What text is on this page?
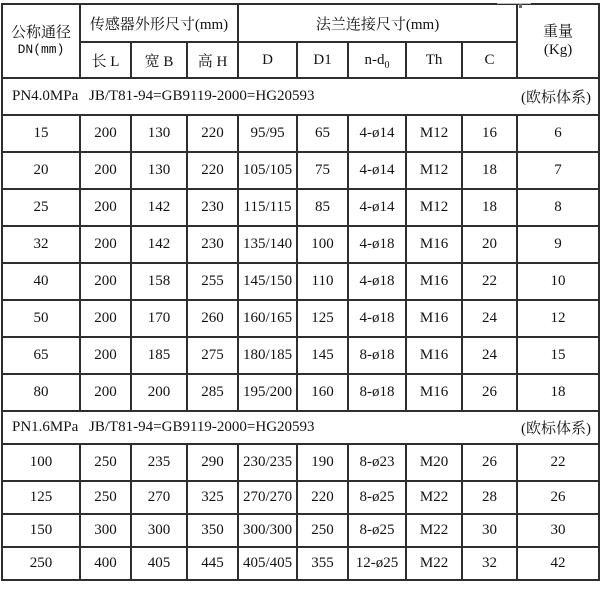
公称通径
DN(mm)	传感器外形尺寸(mm)			法兰连接尺寸(mm)					重量
(Kg)

	长 L	宽 B	高 H	D	D1	$n-d_0$	Th	C	

PN4.0MPa JB/T81-94=GB9119-2000=HG20593 (欧标体系)									

15	200	130	220	95/95	65	4-ø14	M12	16	6
20	200	130	220	105/105	75	4-ø14	M12	18	7
25	200	142	230	115/115	85	4-ø14	M12	18	8
32	200	142	230	135/140	100	4-ø18	M16	20	9
40	200	158	255	145/150	110	4-ø18	M16	22	10
50	200	170	260	160/165	125	4-ø18	M16	24	12
65	200	185	275	180/185	145	8-ø18	M16	24	15
80	200	200	285	195/200	160	8-ø18	M16	26	18

PN1.6MPa JB/T81-94=GB9119-2000=HG20593 (欧标体系)									

100	250	235	290	230/235	190	8-ø23	M20	26	22
125	250	270	325	270/270	220	8-ø25	M22	28	26
150	300	300	350	300/300	250	8-ø25	M22	30	30
250	400	405	445	405/405	355	12-ø25	M22	32	42
